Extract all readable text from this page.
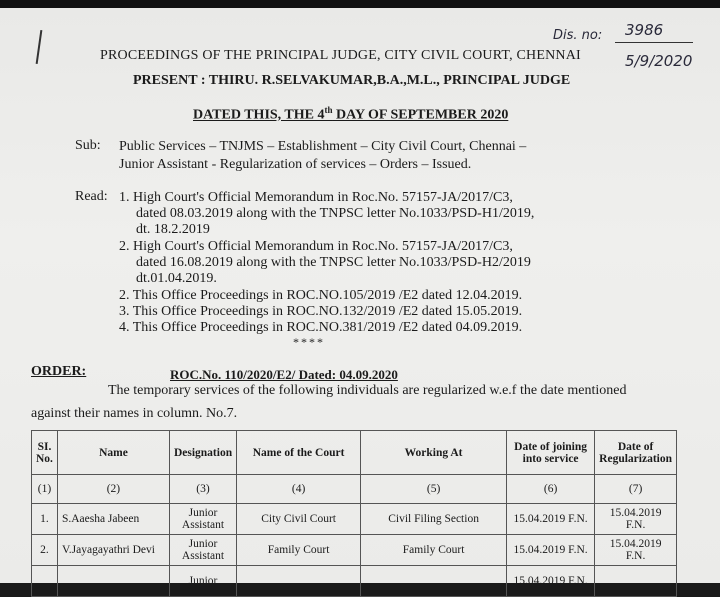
Dis. no: 3986
5/9/2020
PROCEEDINGS OF THE PRINCIPAL JUDGE, CITY CIVIL COURT, CHENNAI
PRESENT : THIRU. R.SELVAKUMAR,B.A.,M.L., PRINCIPAL JUDGE
DATED THIS, THE 4th DAY OF SEPTEMBER 2020
Sub: Public Services – TNJMS – Establishment – City Civil Court, Chennai –
Junior Assistant - Regularization of services – Orders – Issued.
Read: 1. High Court's Official Memorandum in Roc.No. 57157-JA/2017/C3,
dated 08.03.2019 along with the TNPSC letter No.1033/PSD-H1/2019,
dt. 18.2.2019
2. High Court's Official Memorandum in Roc.No. 57157-JA/2017/C3,
dated 16.08.2019 along with the TNPSC letter No.1033/PSD-H2/2019
dt.01.04.2019.
2. This Office Proceedings in ROC.NO.105/2019 /E2 dated 12.04.2019.
3. This Office Proceedings in ROC.NO.132/2019 /E2 dated 15.05.2019.
4. This Office Proceedings in ROC.NO.381/2019 /E2 dated 04.09.2019.
****
ORDER:	ROC.No. 110/2020/E2/ Dated: 04.09.2020
The temporary services of the following individuals are regularized w.e.f the date mentioned
against their names in column. No.7.
SI. No.	Name	Designation	Name of the Court	Working At	Date of joining into service	Date of Regularization
(1)	(2)	(3)	(4)	(5)	(6)	(7)
1.	S.Aaesha Jabeen	Junior Assistant	City Civil Court	Civil Filing Section	15.04.2019 F.N.	15.04.2019 F.N.
2.	V.Jayagayathri Devi	Junior Assistant	Family Court	Family Court	15.04.2019 F.N.	15.04.2019 F.N.
		Junior			15.04.2019 F.N.	
